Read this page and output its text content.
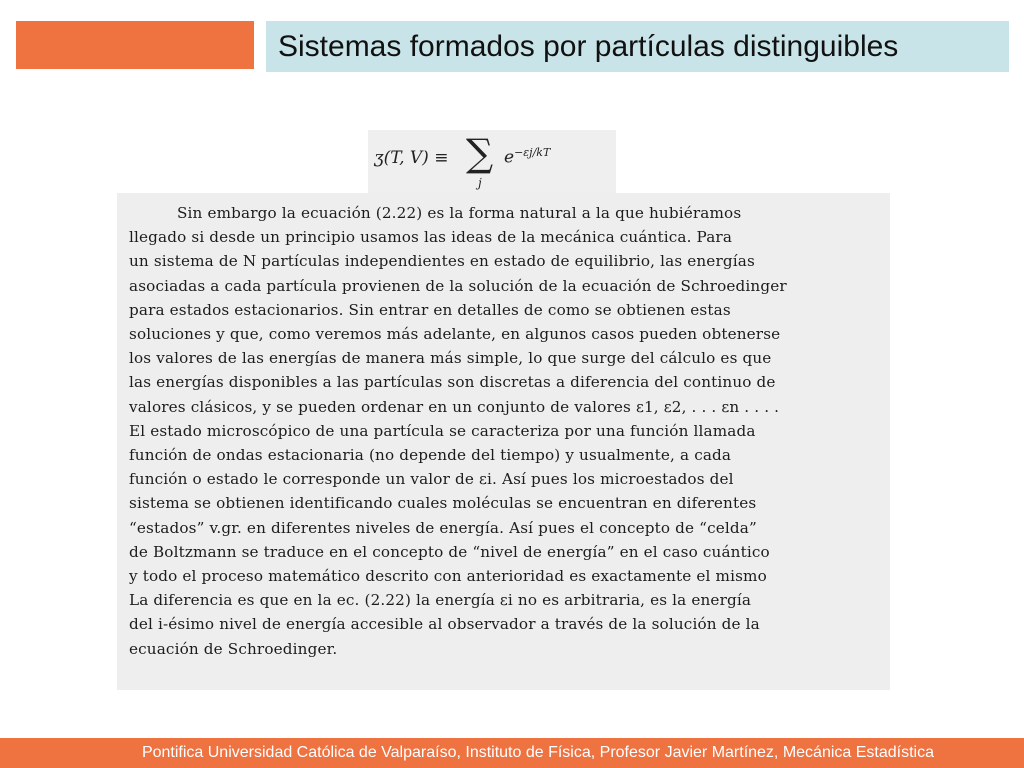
Sistemas formados por partículas distinguibles
ʒ(T, V) ≡ ∑
j
$e^{-\varepsilon j/kT}$
Sin embargo la ecuación (2.22) es la forma natural a la que hubiéramos
llegado si desde un principio usamos las ideas de la mecánica cuántica. Para
un sistema de N partículas independientes en estado de equilibrio, las energías
asociadas a cada partícula provienen de la solución de la ecuación de Schroedinger
para estados estacionarios. Sin entrar en detalles de como se obtienen estas
soluciones y que, como veremos más adelante, en algunos casos pueden obtenerse
los valores de las energías de manera más simple, lo que surge del cálculo es que
las energías disponibles a las partículas son discretas a diferencia del continuo de
valores clásicos, y se pueden ordenar en un conjunto de valores ε1, ε2, . . . εn . . . .
El estado microscópico de una partícula se caracteriza por una función llamada
función de ondas estacionaria (no depende del tiempo) y usualmente, a cada
función o estado le corresponde un valor de εi. Así pues los microestados del
sistema se obtienen identificando cuales moléculas se encuentran en diferentes
“estados” v.gr. en diferentes niveles de energía. Así pues el concepto de “celda”
de Boltzmann se traduce en el concepto de “nivel de energía” en el caso cuántico
y todo el proceso matemático descrito con anterioridad es exactamente el mismo
La diferencia es que en la ec. (2.22) la energía εi no es arbitraria, es la energía
del i-ésimo nivel de energía accesible al observador a través de la solución de la
ecuación de Schroedinger.
Pontifica Universidad Católica de Valparaíso, Instituto de Física, Profesor Javier Martínez, Mecánica Estadística
